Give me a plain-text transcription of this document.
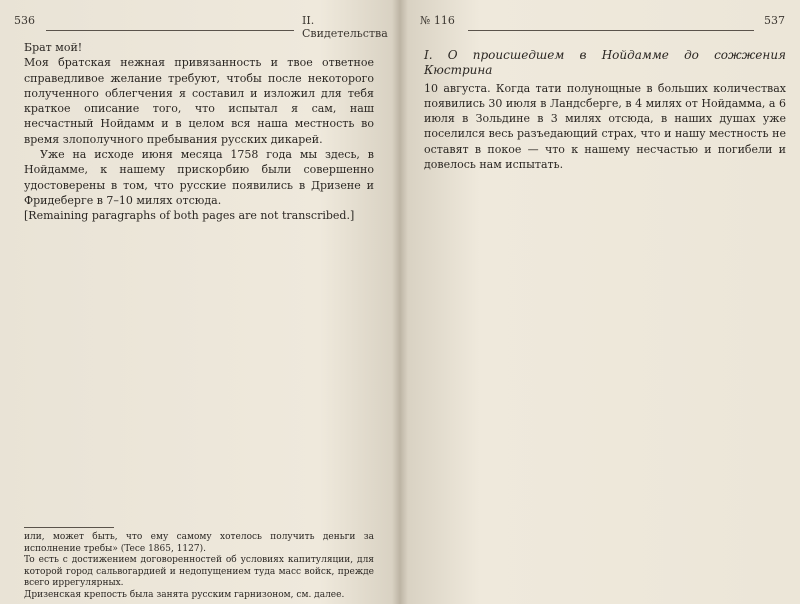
536	II. Свидетельства

Брат мой!

Моя братская нежная привязанность и твое ответное справедливое желание требуют, чтобы после некоторого полученного облегчения я составил и изложил для тебя краткое описание того, что испытал я сам, наш несчастный Нойдамм и в целом вся наша местность во время злополучного пребывания русских дикарей.

Уже на исходе июня месяца 1758 года мы здесь, в Нойдамме, к нашему прискорбию были совершенно удостоверены в том, что русские появились в Дризене и Фридеберге в 7–10 милях отсюда.

[Remaining paragraphs of both pages are not transcribed.]

или, может быть, что ему самому хотелось получить деньги за исполнение требы» (Tece 1865, 1127).

To есть с достижением договоренностей об условиях капитуляции, для которой город сальвогардией и недопущением туда масс войск, прежде всего иррегулярных.

Дризенская крепость была занята русским гарнизоном, см. далее.

№ 116	537

I. О происшедшем в Нойдамме до сожжения Кюстрина

10 августа. Когда тати полунощные в больших количествах появились 30 июля в Ландсберге, в 4 милях от Нойдамма, а 6 июля в Зольдине в 3 милях отсюда, в наших душах уже поселился весь разъедающий страх, что и нашу местность не оставят в покое — что к нашему несчастью и погибели и довелось нам испытать.
